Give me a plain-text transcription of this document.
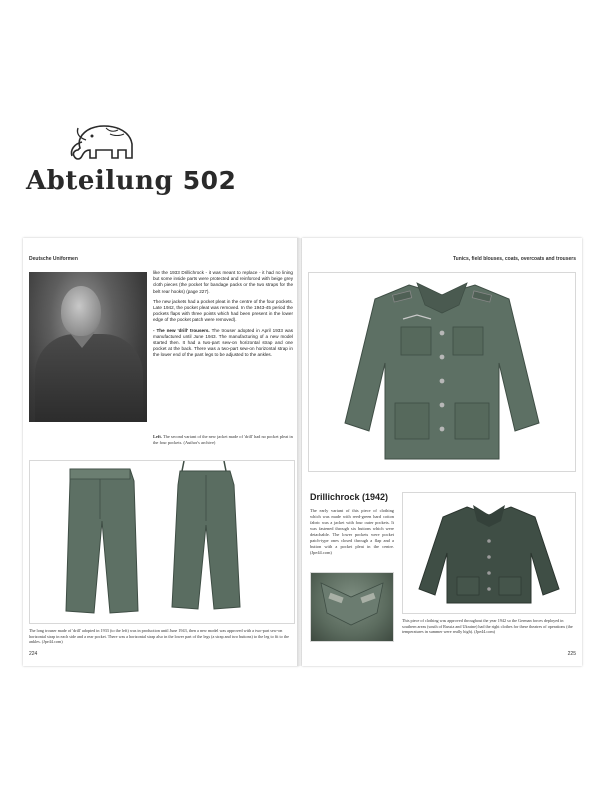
Abteilung 502
Deutsche Uniformen

like the 1933 Drillichrock - it was meant to replace - it had no lining but some inside parts were protected and reinforced with beige grey cloth pieces (the pocket for bandage packs or the two straps for the belt rear hooks) (page 227).

The new jackets had a pocket pleat in the centre of the four pockets. Late 1942, the pocket pleat was removed. In the 1943-45 period the pockets flaps with three points which had been present in the lower edge of the pocket patch were removed).

- The new 'drill' trousers. The trouser adopted in April 1933 was manufactured until June 1943. The manufacturing of a new model started then. It had a two-part sew-on horizontal strap and one pocket at the back. There was a two-part sew-on horizontal strap in the lower end of the pant legs to be adjusted to the ankles.

Left. The second variant of the new jacket made of 'drill' had no pocket pleat in the four pockets. (Author's archive)
The long trouser made of 'drill' adopted in 1933 (to the left) was in production until June 1943, then a new model was approved with a two-part sew-on horizontal strap in each side and a rear pocket. There was a horizontal strap also in the lower part of the legs (a strap and two buttons) to the leg to fit to the ankles. (Jpe44.com)
224
Tunics, field blouses, coats, overcoats and trousers
Drillichrock (1942)
The early variant of this piece of clothing which was made with reed-green hard cotton fabric was a jacket with four outer pockets. It was fastened through six buttons which were detachable. The lower pockets were pocket patch-type ones closed through a flap and a button with a pocket pleat in the centre. (Jpe44.com)
This piece of clothing was approved throughout the year 1942 so the German forces deployed in southern areas (south of Russia and Ukraine) had the right clothes for these theatres of operations (the temperatures in summer were really high). (Jpe44.com)
225
